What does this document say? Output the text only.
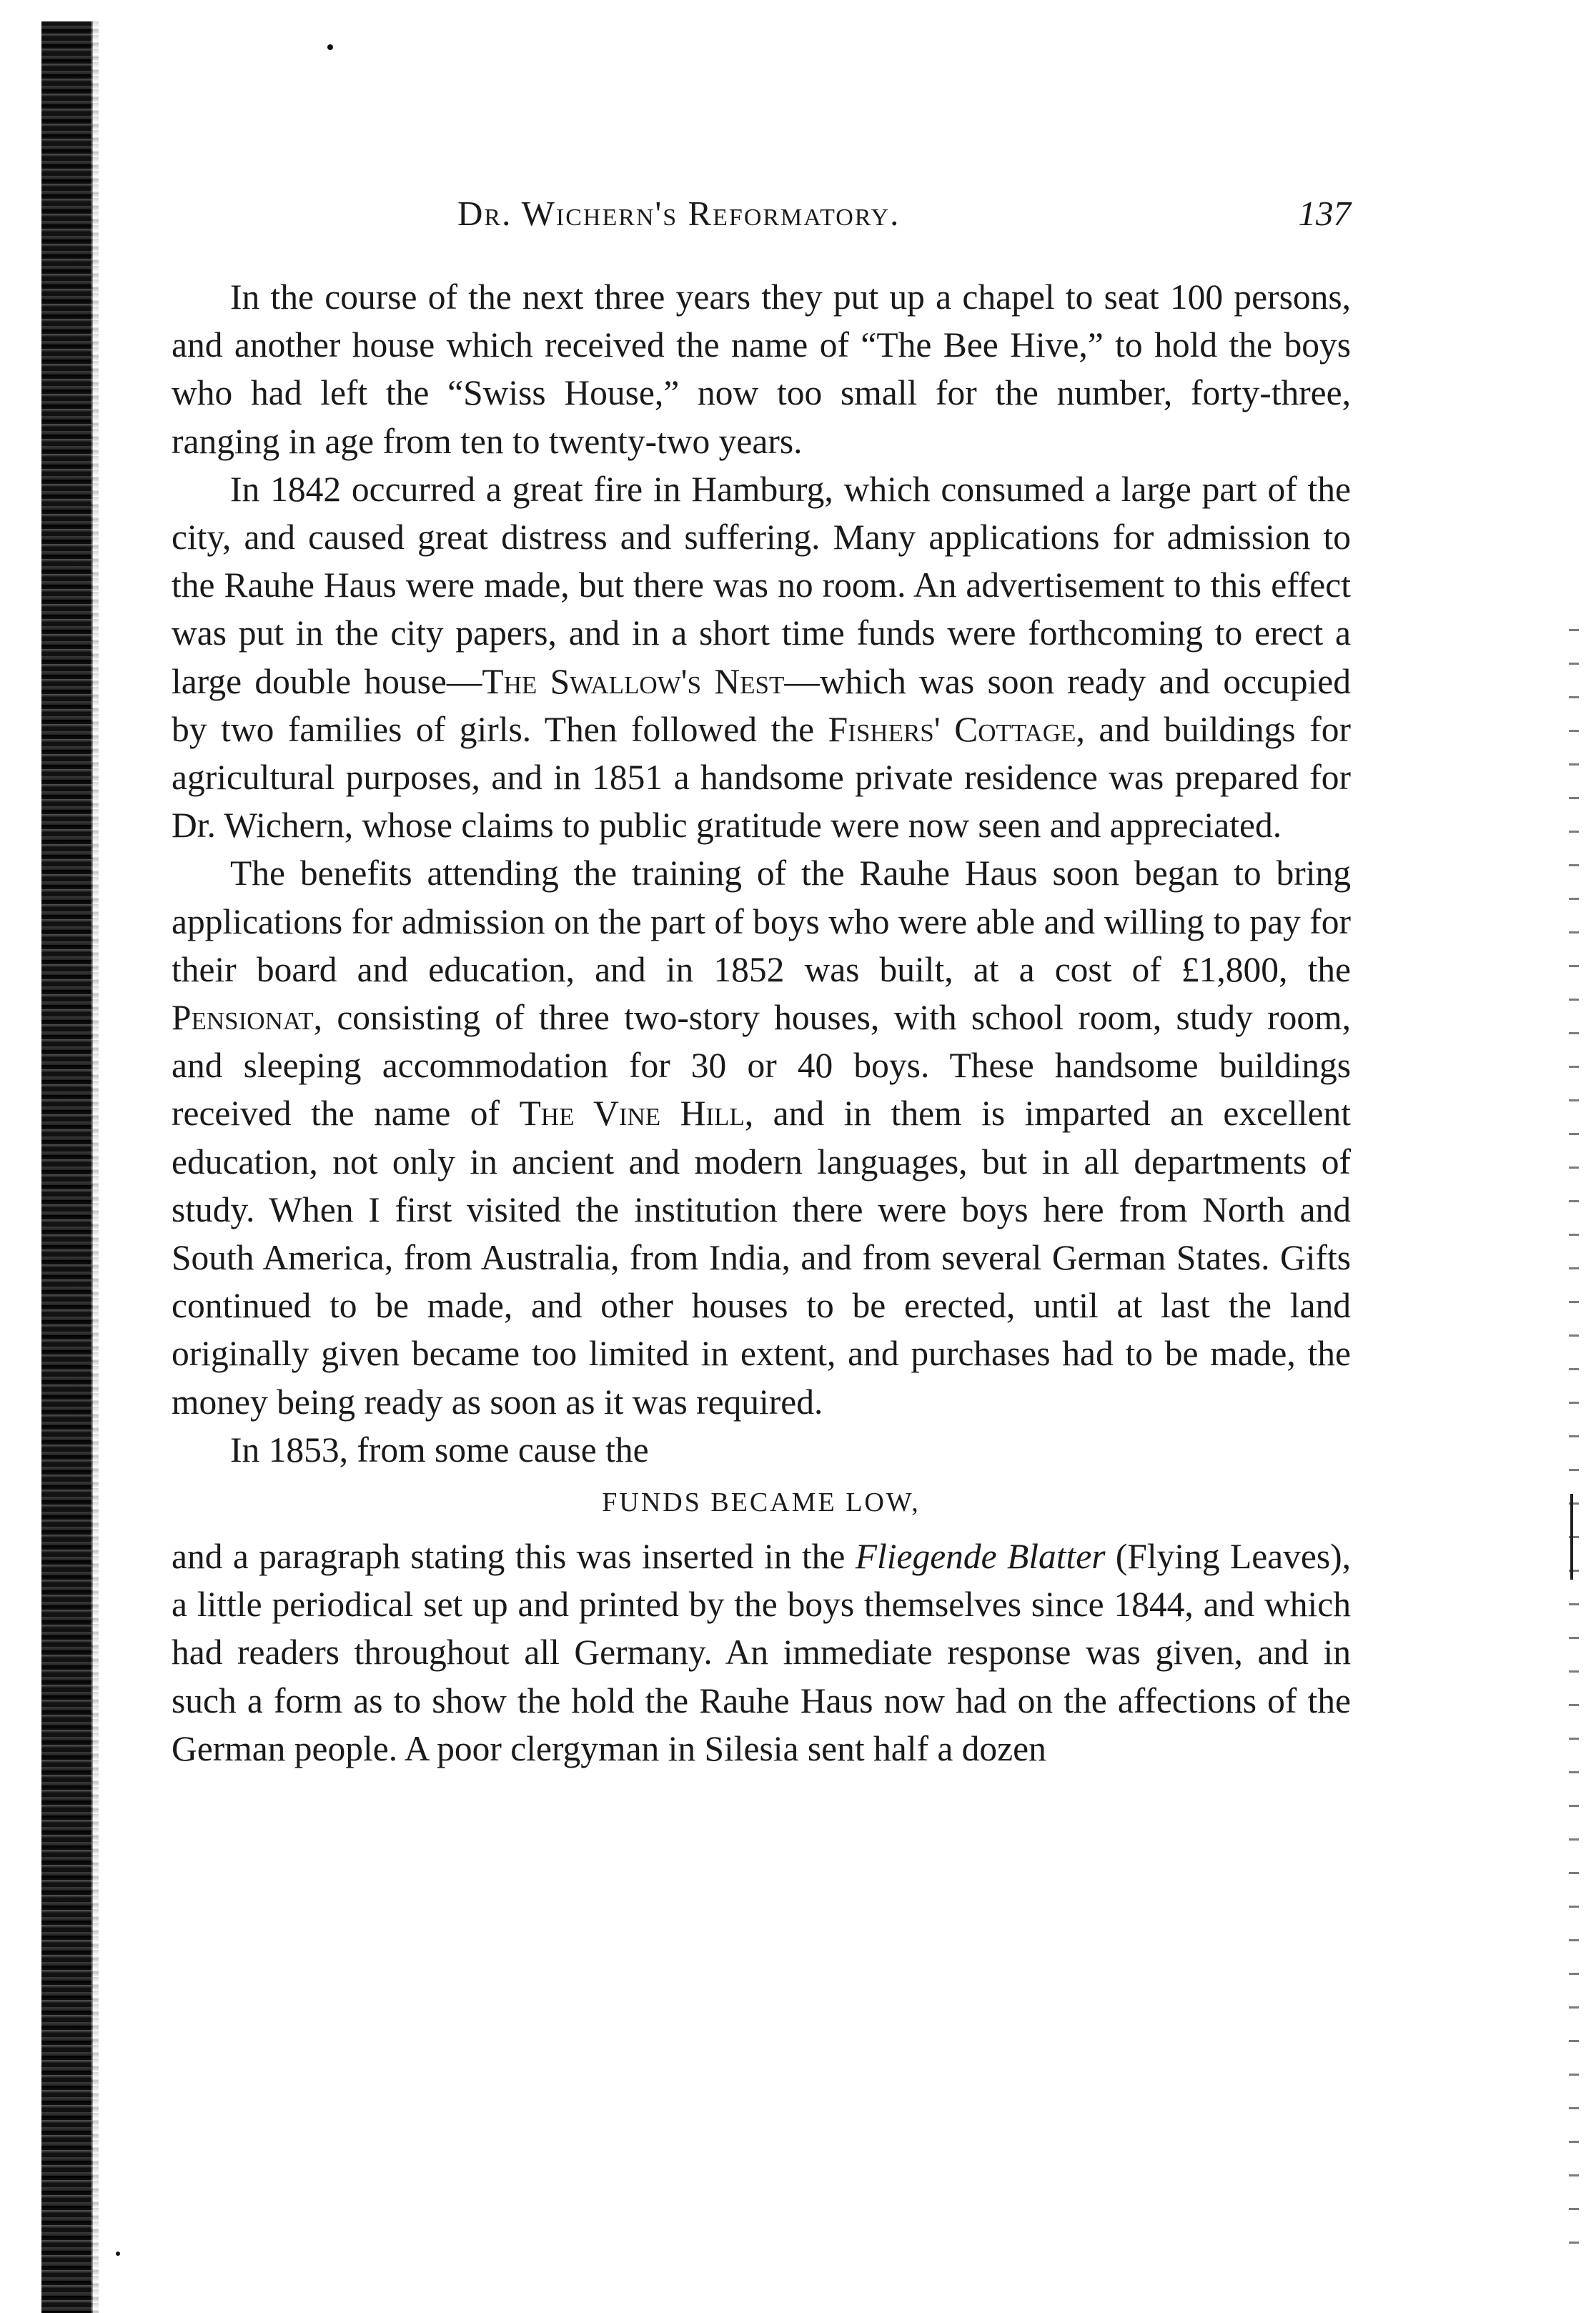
Dr. Wichern's Reformatory.	137

In the course of the next three years they put up a chapel to seat 100 persons, and another house which received the name of “The Bee Hive,” to hold the boys who had left the “Swiss House,” now too small for the number, forty-three, ranging in age from ten to twenty-two years.

In 1842 occurred a great fire in Hamburg, which consumed a large part of the city, and caused great distress and suffering. Many applications for admission to the Rauhe Haus were made, but there was no room. An advertisement to this effect was put in the city papers, and in a short time funds were forthcoming to erect a large double house—The Swallow's Nest—which was soon ready and occupied by two families of girls. Then followed the Fishers' Cottage, and buildings for agricultural purposes, and in 1851 a handsome private residence was prepared for Dr. Wichern, whose claims to public gratitude were now seen and appreciated.

The benefits attending the training of the Rauhe Haus soon began to bring applications for admission on the part of boys who were able and willing to pay for their board and education, and in 1852 was built, at a cost of £1,800, the Pensionat, consisting of three two-story houses, with school room, study room, and sleeping accommodation for 30 or 40 boys. These handsome buildings received the name of The Vine Hill, and in them is imparted an excellent education, not only in ancient and modern languages, but in all departments of study. When I first visited the institution there were boys here from North and South America, from Australia, from India, and from several German States. Gifts continued to be made, and other houses to be erected, until at last the land originally given became too limited in extent, and purchases had to be made, the money being ready as soon as it was required.

In 1853, from some cause the

FUNDS BECAME LOW,

and a paragraph stating this was inserted in the Fliegende Blatter (Flying Leaves), a little periodical set up and printed by the boys themselves since 1844, and which had readers throughout all Germany. An immediate response was given, and in such a form as to show the hold the Rauhe Haus now had on the affections of the German people. A poor clergyman in Silesia sent half a dozen
